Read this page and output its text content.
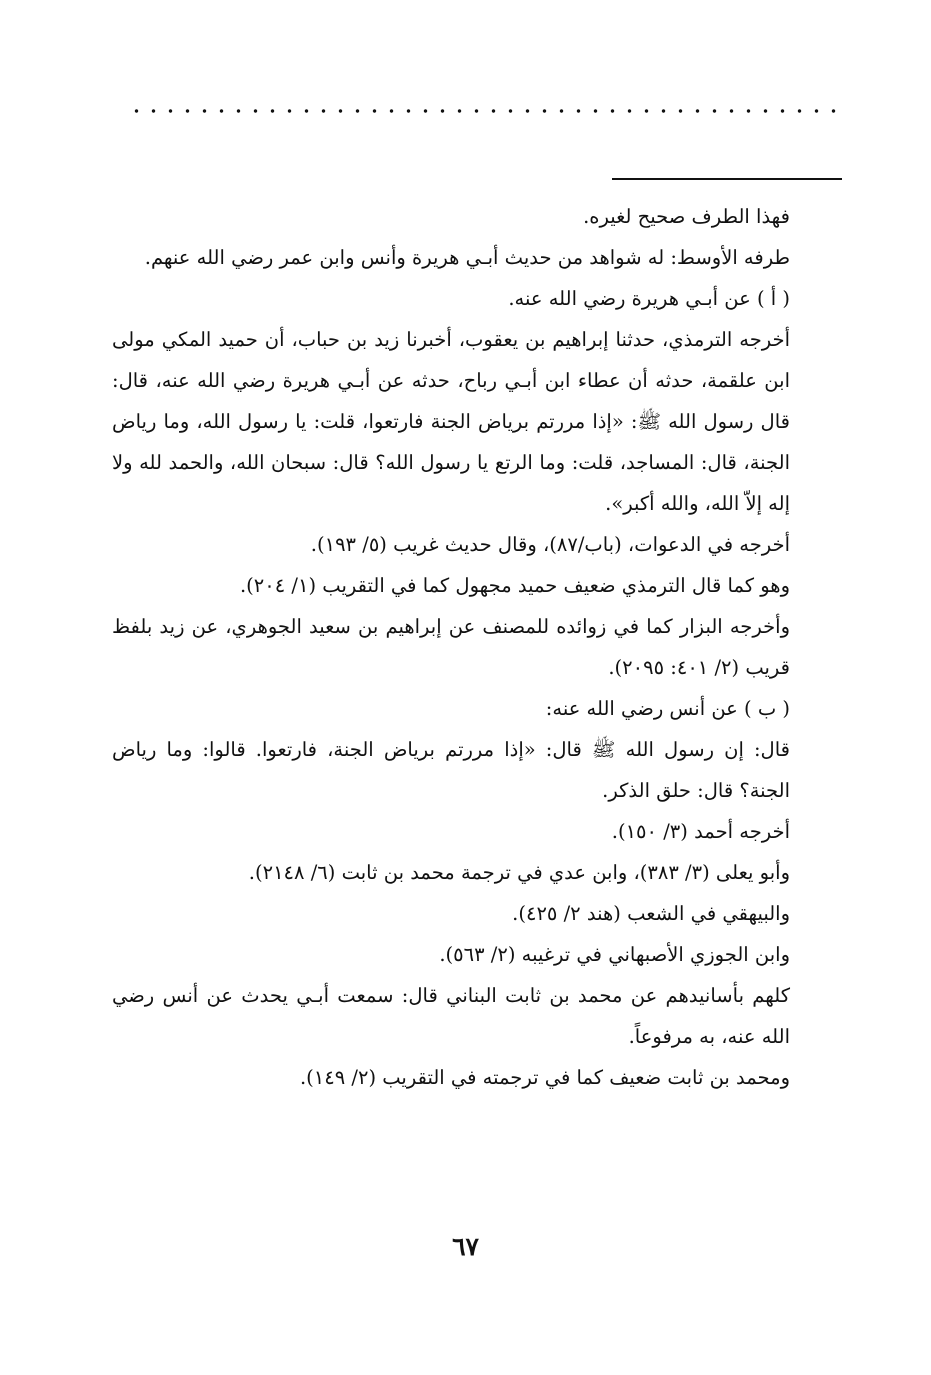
فهذا الطرف صحيح لغيره.

طرفه الأوسط: له شواهد من حديث أبـي هريرة وأنس وابن عمر رضي الله عنهم.

( أ ) عن أبـي هريرة رضي الله عنه.

أخرجه الترمذي، حدثنا إبراهيم بن يعقوب، أخبرنا زيد بن حباب، أن حميد المكي مولى ابن علقمة، حدثه أن عطاء ابن أبـي رباح، حدثه عن أبـي هريرة رضي الله عنه، قال: قال رسول الله ﷺ: «إذا مررتم برياض الجنة فارتعوا، قلت: يا رسول الله، وما رياض الجنة، قال: المساجد، قلت: وما الرتع يا رسول الله؟ قال: سبحان الله، والحمد لله ولا إله إلاّ الله، والله أكبر».

أخرجه في الدعوات، (باب/٨٧)، وقال حديث غريب (٥/ ١٩٣).

وهو كما قال الترمذي ضعيف حميد مجهول كما في التقريب (١/ ٢٠٤).

وأخرجه البزار كما في زوائده للمصنف عن إبراهيم بن سعيد الجوهري، عن زيد بلفظ قريب (٢/ ٤٠١: ٢٠٩٥).

( ب ) عن أنس رضي الله عنه:

قال: إن رسول الله ﷺ قال: «إذا مررتم برياض الجنة، فارتعوا. قالوا: وما رياض الجنة؟ قال: حلق الذكر.

أخرجه أحمد (٣/ ١٥٠).

وأبو يعلى (٣/ ٣٨٣)، وابن عدي في ترجمة محمد بن ثابت (٦/ ٢١٤٨).

والبيهقي في الشعب (هند ٢/ ٤٢٥).

وابن الجوزي الأصبهاني في ترغيبه (٢/ ٥٦٣).

كلهم بأسانيدهم عن محمد بن ثابت البناني قال: سمعت أبـي يحدث عن أنس رضي الله عنه، به مرفوعاً.

ومحمد بن ثابت ضعيف كما في ترجمته في التقريب (٢/ ١٤٩).

٦٧
